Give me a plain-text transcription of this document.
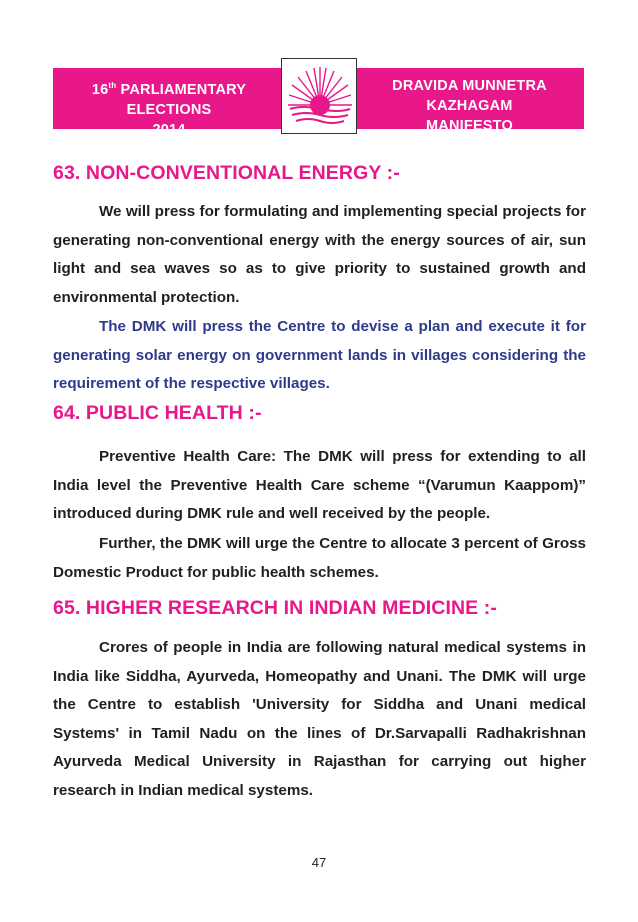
16th PARLIAMENTARY ELECTIONS
2014
DRAVIDA MUNNETRA KAZHAGAM
MANIFESTO
63. NON-CONVENTIONAL ENERGY :-

We will press for formulating and implementing special projects for generating non-conventional energy with the energy sources of air, sun light and sea waves so as to give priority to sustained growth and environmental protection.

The DMK will press the Centre to devise a plan and execute it for generating solar energy on government lands in villages considering the requirement of the respective villages.

64. PUBLIC HEALTH :-

Preventive Health Care: The DMK will press for extending to all India level the Preventive Health Care scheme “(Varumun Kaappom)” introduced during DMK rule and well received by the people.

Further, the DMK will urge the Centre to allocate 3 percent of Gross Domestic Product for public health schemes.

65. HIGHER RESEARCH IN INDIAN MEDICINE :-

Crores of people in India are following natural medical systems in India like Siddha, Ayurveda, Homeopathy and Unani. The DMK will urge the Centre to establish 'University for Siddha and Unani medical Systems' in Tamil Nadu on the lines of Dr.Sarvapalli Radhakrishnan Ayurveda Medical University in Rajasthan for carrying out higher research in Indian medical systems.

47
